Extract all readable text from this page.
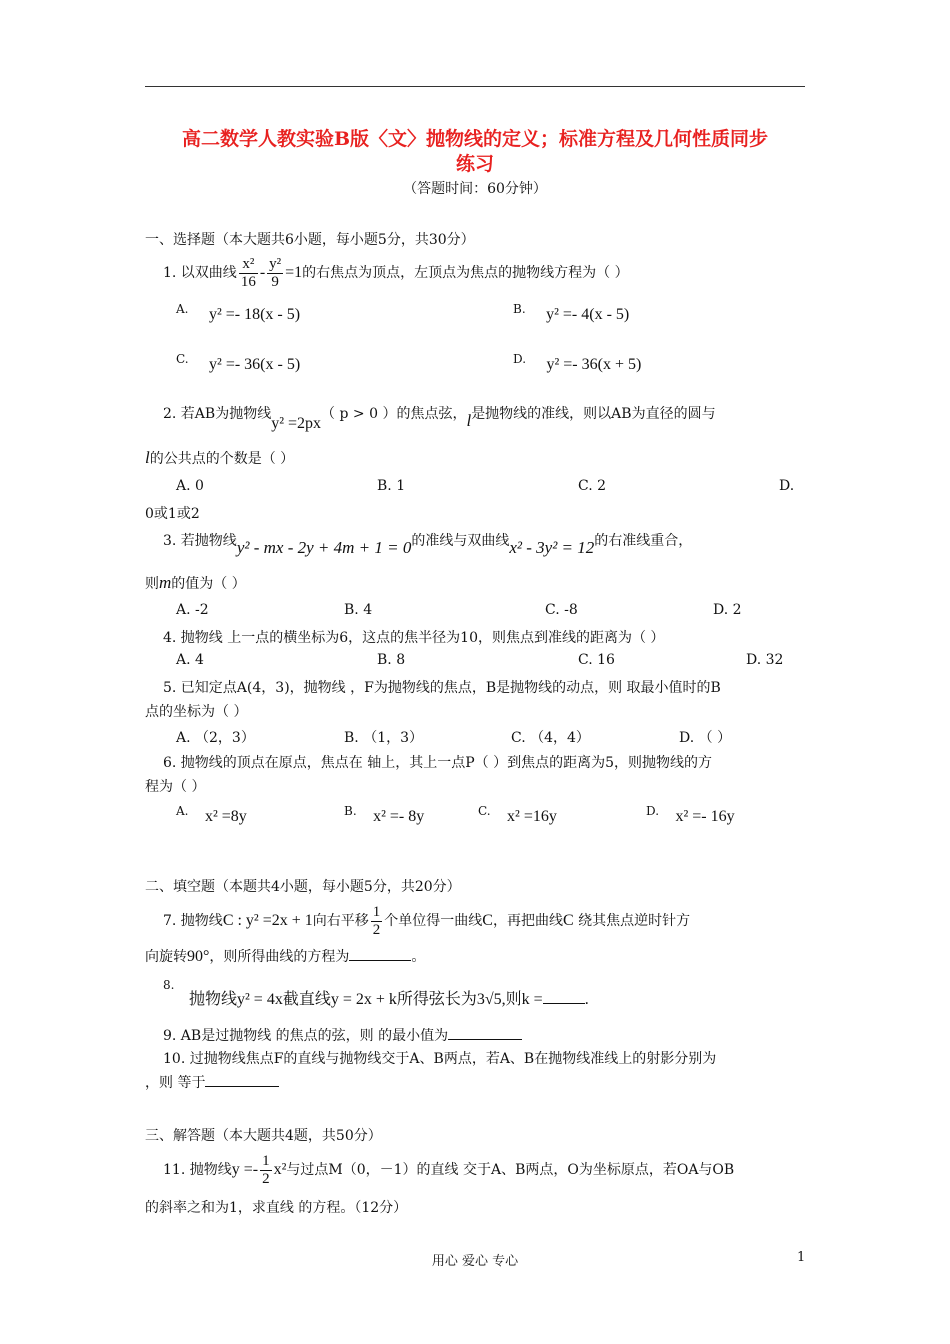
高二数学人教实验B版〈文〉抛物线的定义；标准方程及几何性质同步
练习
（答题时间：60分钟）
一、选择题（本大题共6小题，每小题5分，共30分）
1. 以双曲线 $\frac{\text{x²}}{16} - \frac{\text{y²}}{9} =1$的右焦点为顶点，左顶点为焦点的抛物线方程为（ ）
A. y² =- 18(x - 5)	B. y² =- 4(x - 5)
C. y² =- 36(x - 5)	D. y² =- 36(x + 5)
2. 若AB为抛物线y² =2px（ p > 0 ）的焦点弦，l是抛物线的准线，则以AB为直径的圆与
l的公共点的个数是（ ）
A. 0	B. 1	C. 2	D.
0或1或2
3. 若抛物线y² - mx - 2y + 4m + 1 = 0的准线与双曲线x² - 3y² = 12的右准线重合，
则m的值为（ ）
A. -2	B. 4	C. -8	D. 2
4. 抛物线 上一点的横坐标为6，这点的焦半径为10，则焦点到准线的距离为（ ）
A. 4	B. 8	C. 16	D. 32
5. 已知定点A(4，3)，抛物线 ，F为抛物线的焦点，B是抛物线的动点，则 取最小值时的B
点的坐标为（ ）
A. （2，3）	B. （1，3）	C. （4，4）	D. （ ）
6. 抛物线的顶点在原点，焦点在 轴上，其上一点P（ ）到焦点的距离为5，则抛物线的方
程为（ ）
A. x² =8y	B. x² =- 8y	C. x² =16y	D. x² =- 16y
二、填空题（本题共4小题，每小题5分，共20分）
7. 抛物线C : y² =2x + 1向右平移 $\frac{1}{2}$ 个单位得一曲线C，再把曲线C 绕其焦点逆时针方
向旋转90°，则所得曲线的方程为	。
8.
抛物线y² = 4x截直线y = 2x + k所得弦长为3√5,则k =	.
9. AB是过抛物线 的焦点的弦，则 的最小值为
10. 过抛物线焦点F的直线与抛物线交于A、B两点，若A、B在抛物线准线上的射影分别为
，则 等于
三、解答题（本大题共4题，共50分）
11. 抛物线$y =- \frac{1}{2} x^2$与过点M（0，－1）的直线 交于A、B两点，O为坐标原点，若OA与OB
的斜率之和为1，求直线 的方程。（12分）
用心 爱心 专心	1
